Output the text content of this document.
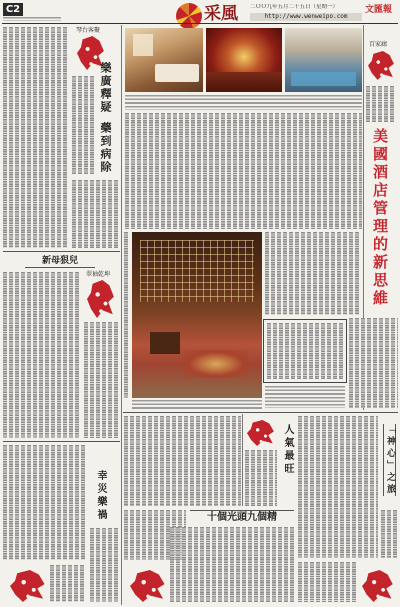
C2	采風 二ＯＯ九年五月二十五日（星期一）
http://www.wenweipo.com
文匯報
琴台客聚
樂廣釋疑
藥到病除
新母狠兒
翠袖乾坤
幸災樂禍
百家廊
美國酒店管理的新思維
人氣最旺	「神心」之旅
十個光頭九個精
